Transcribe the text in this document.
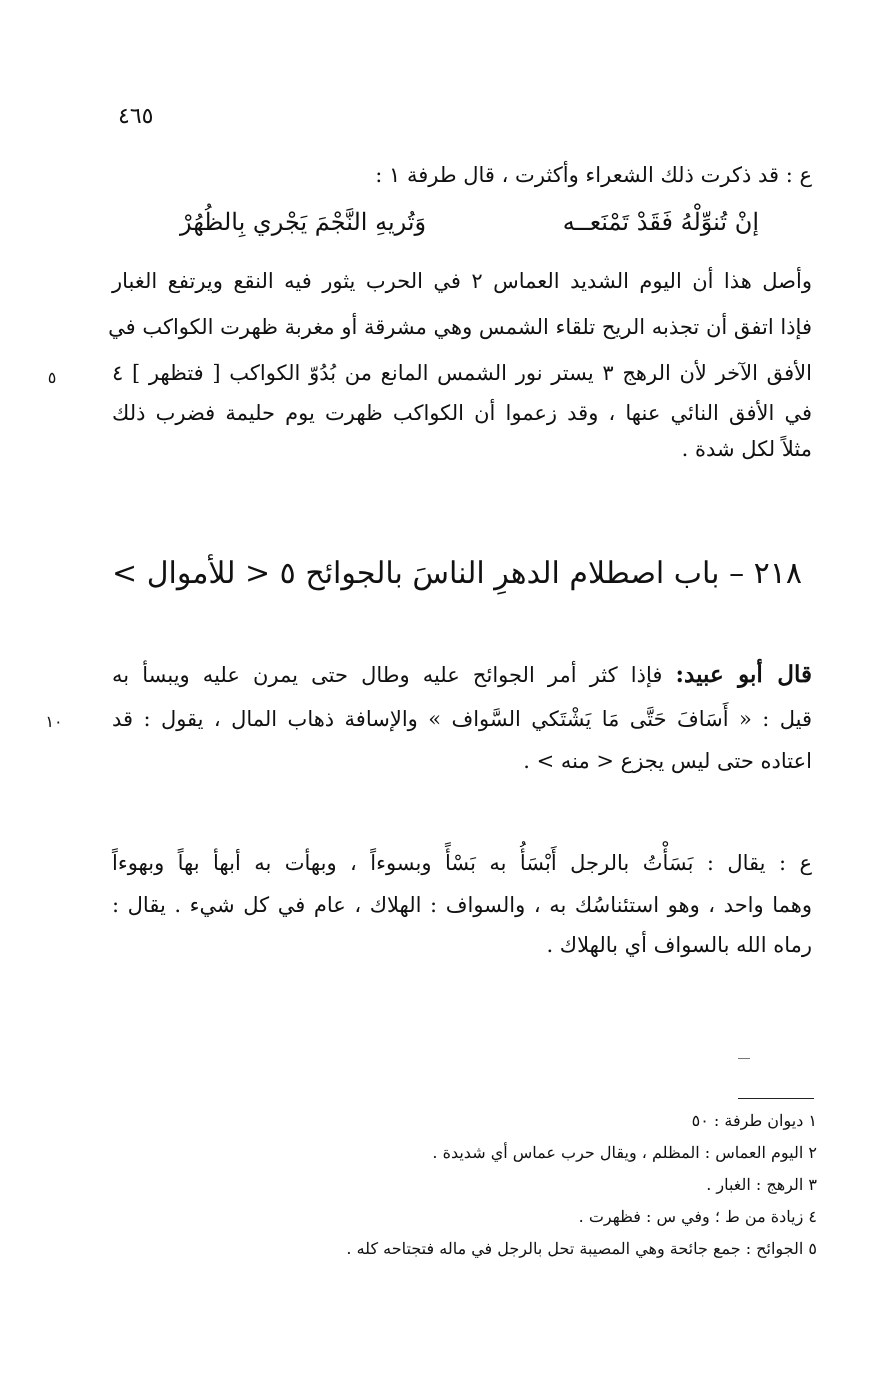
٤٦٥
ع : قد ذكرت ذلك الشعراء وأكثرت ، قال طرفة ١ :
إنْ تُنوِّلْهُ فَقَدْ تَمْنَعــه
وَتُريهِ النَّجْمَ يَجْري بِالظُهُرْ
وأصل هذا أن اليوم الشديد العماس ٢ في الحرب يثور فيه النقع ويرتفع الغبار
فإذا اتفق أن تجذبه الريح تلقاء الشمس وهي مشرقة أو مغربة ظهرت الكواكب في
الأفق الآخر لأن الرهج ٣ يستر نور الشمس المانع من بُدُوّ الكواكب [ فتظهر ] ٤
في الأفق النائي عنها ، وقد زعموا أن الكواكب ظهرت يوم حليمة فضرب ذلك
مثلاً لكل شدة .
٥
٢١٨ – باب اصطلام الدهرِ الناسَ بالجوائح ٥ < للأموال >
قال أبو عبيد: فإذا كثر أمر الجوائح عليه وطال حتى يمرن عليه ويبسأ به
قيل : « أَسَافَ حَتَّى مَا يَشْتَكي السَّواف » والإسافة ذهاب المال ، يقول : قد
اعتاده حتى ليس يجزع < منه > .
١٠
ع : يقال : بَسَأْتُ بالرجل أَبْسَأُ به بَسْأً وبسوءاً ، وبهأت به أبهأ بهاً وبهوءاً
وهما واحد ، وهو استئناسُك به ، والسواف : الهلاك ، عام في كل شيء . يقال :
رماه الله بالسواف أي بالهلاك .
١ ديوان طرفة : ٥٠
٢ اليوم العماس : المظلم ، ويقال حرب عماس أي شديدة .
٣ الرهج : الغبار .
٤ زيادة من ط ؛ وفي س : فظهرت .
٥ الجوائح : جمع جائحة وهي المصيبة تحل بالرجل في ماله فتجتاحه كله .
